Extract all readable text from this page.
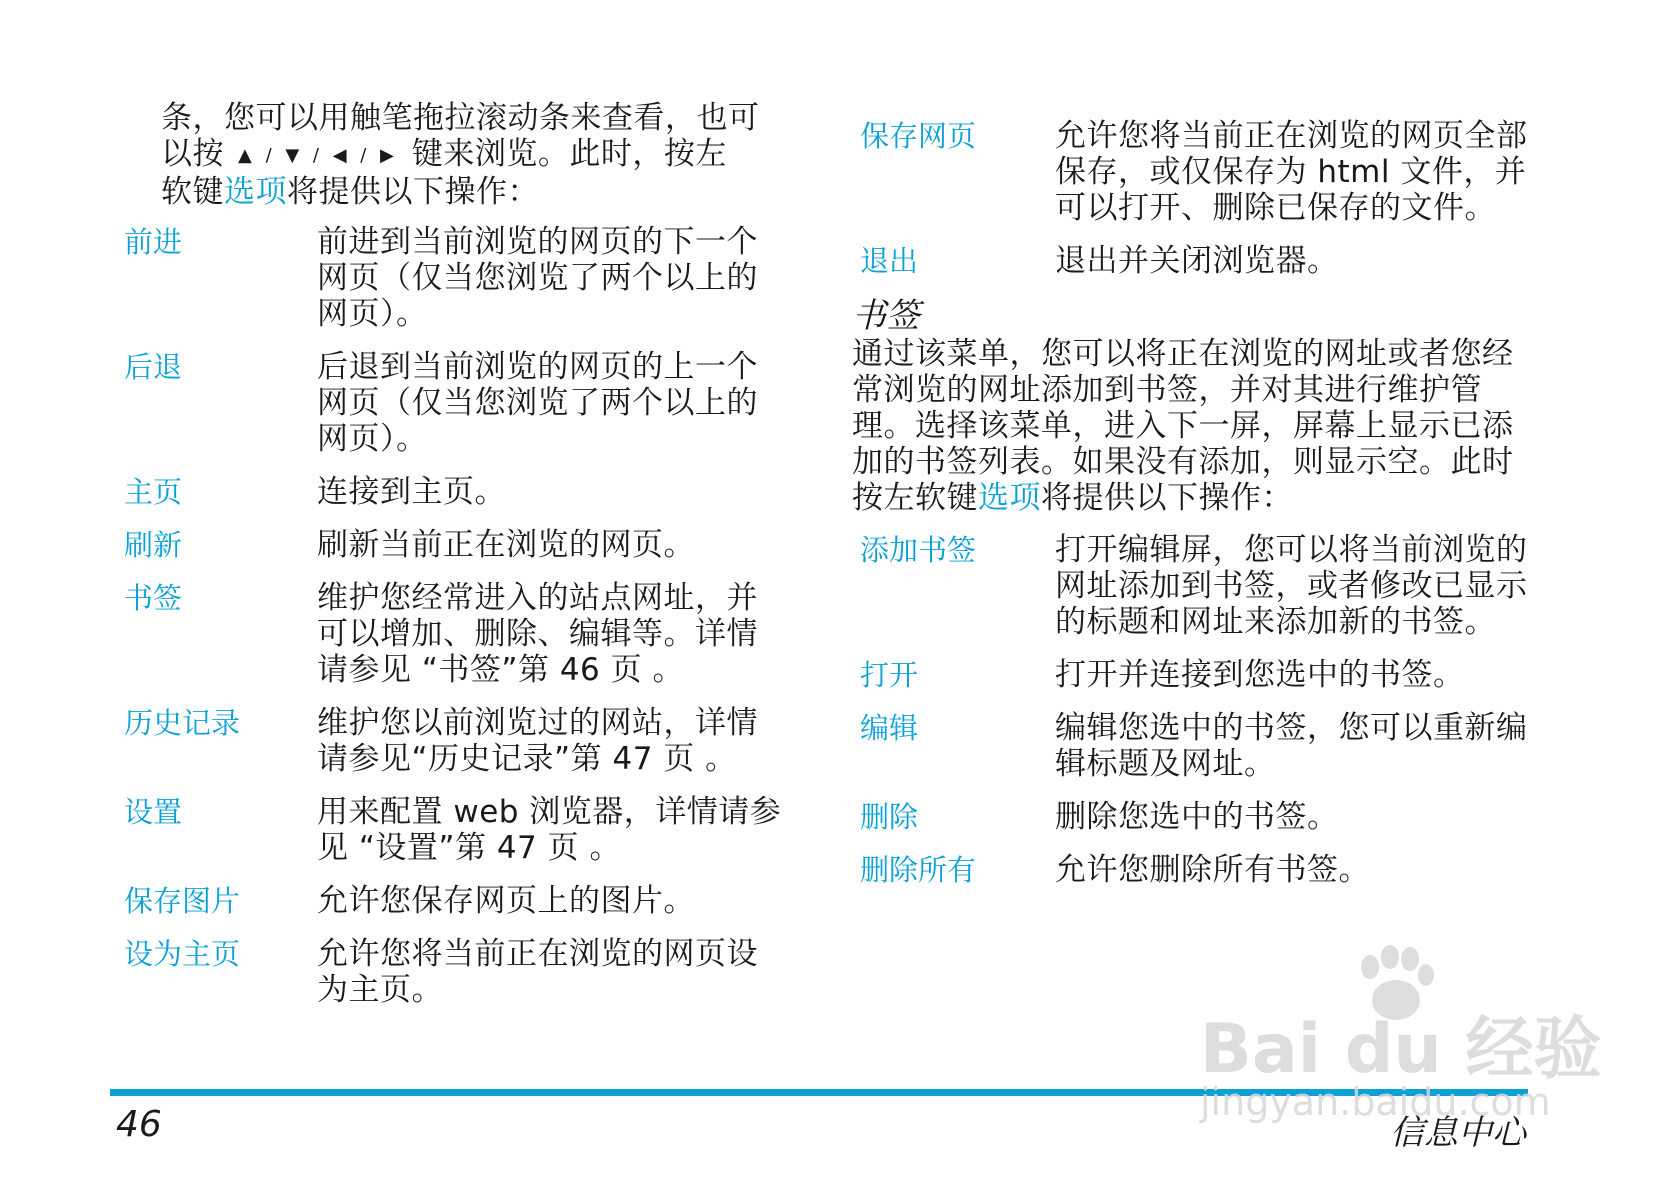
条，您可以用触笔拖拉滚动条来查看，也可
以按 ▲ / ▼ / ◀ / ▶ 键来浏览。此时，按左
软键选项将提供以下操作：

前进	前进到当前浏览的网页的下一个网页（仅当您浏览了两个以上的网页）。
后退	后退到当前浏览的网页的上一个网页（仅当您浏览了两个以上的网页）。
主页	连接到主页。
刷新	刷新当前正在浏览的网页。
书签	维护您经常进入的站点网址，并可以增加、删除、编辑等。详情请参见 “书签”第 46 页 。
历史记录	维护您以前浏览过的网站，详情请参见“历史记录”第 47 页 。
设置	用来配置 web 浏览器，详情请参见 “设置”第 47 页 。
保存图片	允许您保存网页上的图片。
设为主页	允许您将当前正在浏览的网页设为主页。
保存网页	允许您将当前正在浏览的网页全部保存，或仅保存为 html 文件，并可以打开、删除已保存的文件。
退出	退出并关闭浏览器。
书签

通过该菜单，您可以将正在浏览的网址或者您经常浏览的网址添加到书签，并对其进行维护管理。选择该菜单，进入下一屏，屏幕上显示已添加的书签列表。如果没有添加，则显示空。此时按左软键选项将提供以下操作：

添加书签	打开编辑屏，您可以将当前浏览的网址添加到书签，或者修改已显示的标题和网址来添加新的书签。
打开	打开并连接到您选中的书签。
编辑	编辑您选中的书签，您可以重新编辑标题及网址。
删除	删除您选中的书签。
删除所有	允许您删除所有书签。
46	信息中心
Bai du 经验
jingyan.baidu.com
